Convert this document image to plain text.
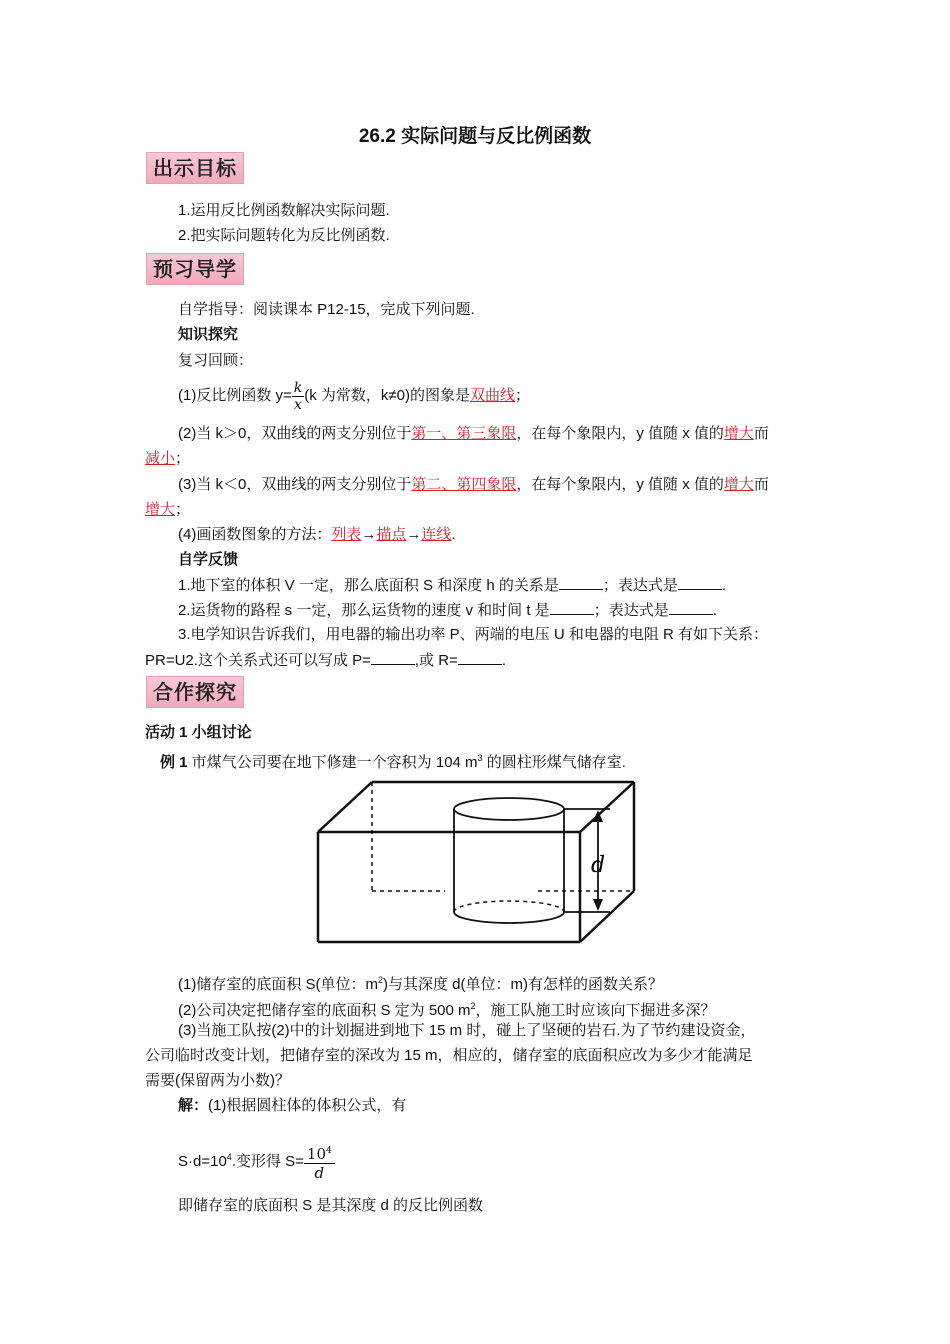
26.2 实际问题与反比例函数
出示目标
1.运用反比例函数解决实际问题.
2.把实际问题转化为反比例函数.
预习导学
自学指导：阅读课本 P12-15，完成下列问题.
知识探究
复习回顾：
(1)反比例函数 $y= \frac{k}{x} (k$ 为常数，k≠0)的图象是双曲线；
(2)当 k＞0，双曲线的两支分别位于第一、第三象限，在每个象限内，y 值随 x 值的增大而
减小；
(3)当 k＜0，双曲线的两支分别位于第二、第四象限，在每个象限内，y 值随 x 值的增大而
增大；
(4)画函数图象的方法：列表→描点→连线.
自学反馈
1.地下室的体积 V 一定，那么底面积 S 和深度 h 的关系是	；表达式是	.
2.运货物的路程 s 一定，那么运货物的速度 v 和时间 t 是	；表达式是	.
3.电学知识告诉我们，用电器的输出功率 P、两端的电压 U 和电器的电阻 R 有如下关系：
PR=U2.这个关系式还可以写成 P=	,或 R=	.
合作探究
活动 1 小组讨论
例 1 市煤气公司要在地下修建一个容积为 104 $m^3$ 的圆柱形煤气储存室.
d
(1)储存室的底面积 S(单位：$m^2$)与其深度 d(单位：m)有怎样的函数关系？
(2)公司决定把储存室的底面积 S 定为 500 $m^2$，施工队施工时应该向下掘进多深？
(3)当施工队按(2)中的计划掘进到地下 15 m 时，碰上了坚硬的岩石.为了节约建设资金，
公司临时改变计划，把储存室的深改为 15 m，相应的，储存室的底面积应改为多少才能满足
需要(保留两为小数)？
解：(1)根据圆柱体的体积公式，有
$S\cdot d=10^4$.变形得 $S= \frac{10^4}{d}$
即储存室的底面积 S 是其深度 d 的反比例函数
